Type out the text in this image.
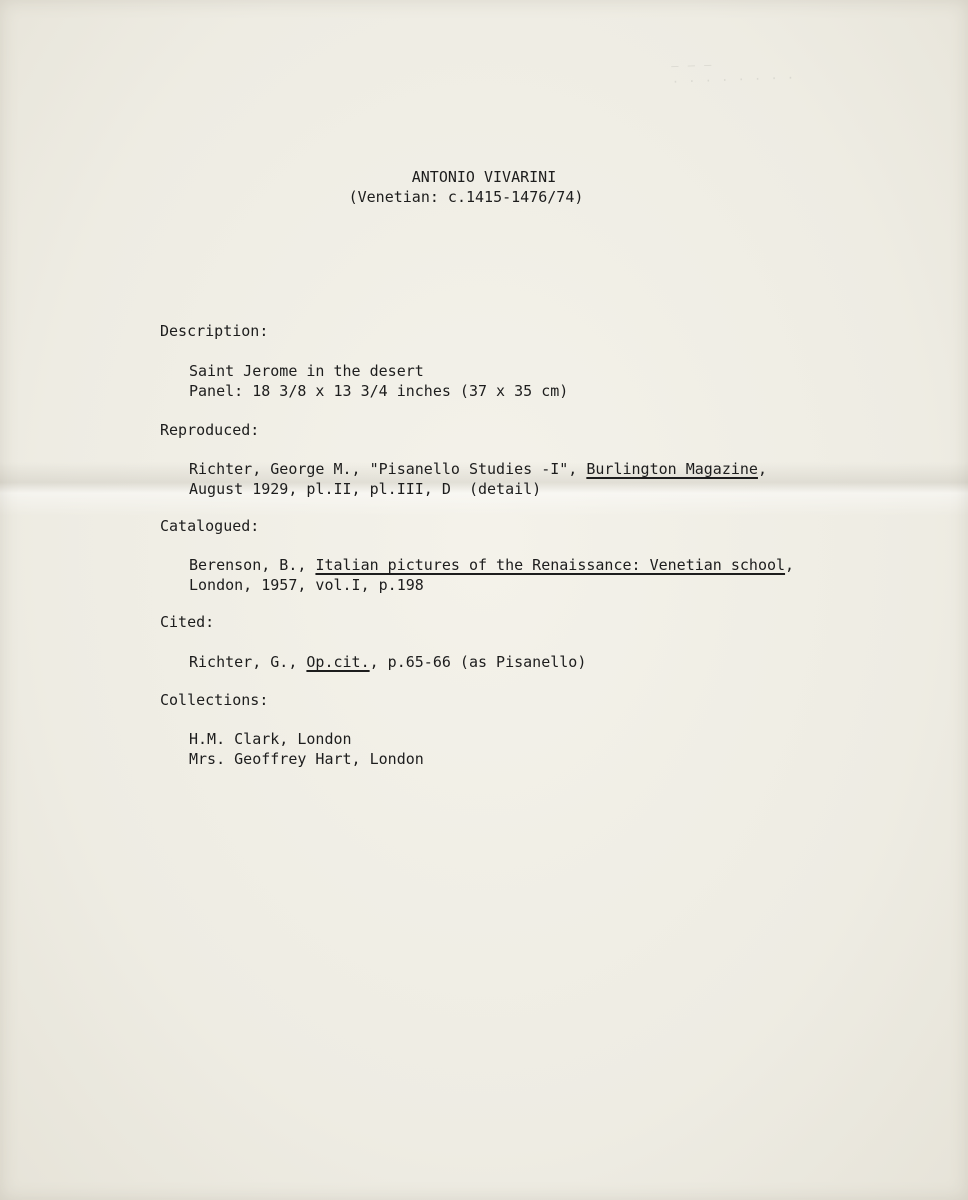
— — —
· · · · · · · ·
ANTONIO VIVARINI
(Venetian: c.1415-1476/74)
Description:
Saint Jerome in the desert
Panel: 18 3/8 x 13 3/4 inches (37 x 35 cm)
Reproduced:
Richter, George M., "Pisanello Studies -I", Burlington Magazine,
August 1929, pl.II, pl.III, D  (detail)
Catalogued:
Berenson, B., Italian pictures of the Renaissance: Venetian school,
London, 1957, vol.I, p.198
Cited:
Richter, G., Op.cit., p.65-66 (as Pisanello)
Collections:
H.M. Clark, London
Mrs. Geoffrey Hart, London
